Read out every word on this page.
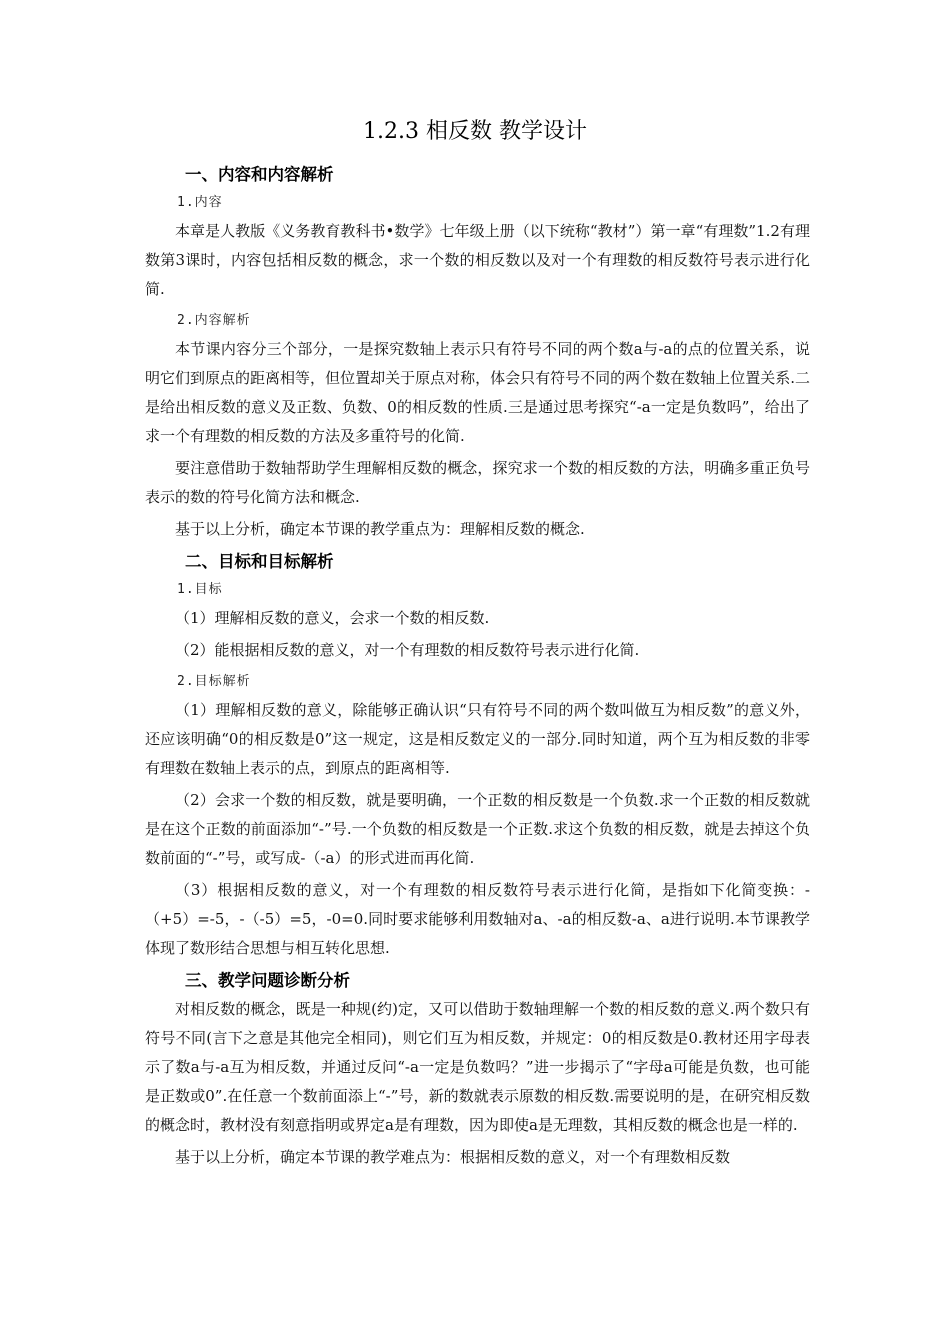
1.2.3 相反数 教学设计
一、内容和内容解析
1.内容

本章是人教版《义务教育教科书•数学》七年级上册（以下统称“教材”）第一章“有理数”1.2有理数第3课时，内容包括相反数的概念，求一个数的相反数以及对一个有理数的相反数符号表示进行化简.

2.内容解析

本节课内容分三个部分，一是探究数轴上表示只有符号不同的两个数a与-a的点的位置关系，说明它们到原点的距离相等，但位置却关于原点对称，体会只有符号不同的两个数在数轴上位置关系.二是给出相反数的意义及正数、负数、0的相反数的性质.三是通过思考探究“-a一定是负数吗”，给出了求一个有理数的相反数的方法及多重符号的化简.

要注意借助于数轴帮助学生理解相反数的概念，探究求一个数的相反数的方法，明确多重正负号表示的数的符号化简方法和概念.

基于以上分析，确定本节课的教学重点为：理解相反数的概念.

二、目标和目标解析
1.目标

（1）理解相反数的意义，会求一个数的相反数.

（2）能根据相反数的意义，对一个有理数的相反数符号表示进行化简.

2.目标解析

（1）理解相反数的意义，除能够正确认识“只有符号不同的两个数叫做互为相反数”的意义外，还应该明确“0的相反数是0”这一规定，这是相反数定义的一部分.同时知道，两个互为相反数的非零有理数在数轴上表示的点，到原点的距离相等.

（2）会求一个数的相反数，就是要明确，一个正数的相反数是一个负数.求一个正数的相反数就是在这个正数的前面添加“-”号.一个负数的相反数是一个正数.求这个负数的相反数，就是去掉这个负数前面的“-”号，或写成-（-a）的形式进而再化简.

（3）根据相反数的意义，对一个有理数的相反数符号表示进行化简，是指如下化简变换：-（+5）=-5，-（-5）=5，-0=0.同时要求能够利用数轴对a、-a的相反数-a、a进行说明.本节课教学体现了数形结合思想与相互转化思想.

三、教学问题诊断分析

对相反数的概念，既是一种规(约)定，又可以借助于数轴理解一个数的相反数的意义.两个数只有符号不同(言下之意是其他完全相同)，则它们互为相反数，并规定：0的相反数是0.教材还用字母表示了数a与-a互为相反数，并通过反问“-a一定是负数吗？”进一步揭示了“字母a可能是负数，也可能是正数或0”.在任意一个数前面添上“-”号，新的数就表示原数的相反数.需要说明的是，在研究相反数的概念时，教材没有刻意指明或界定a是有理数，因为即使a是无理数，其相反数的概念也是一样的.

基于以上分析，确定本节课的教学难点为：根据相反数的意义，对一个有理数相反数
